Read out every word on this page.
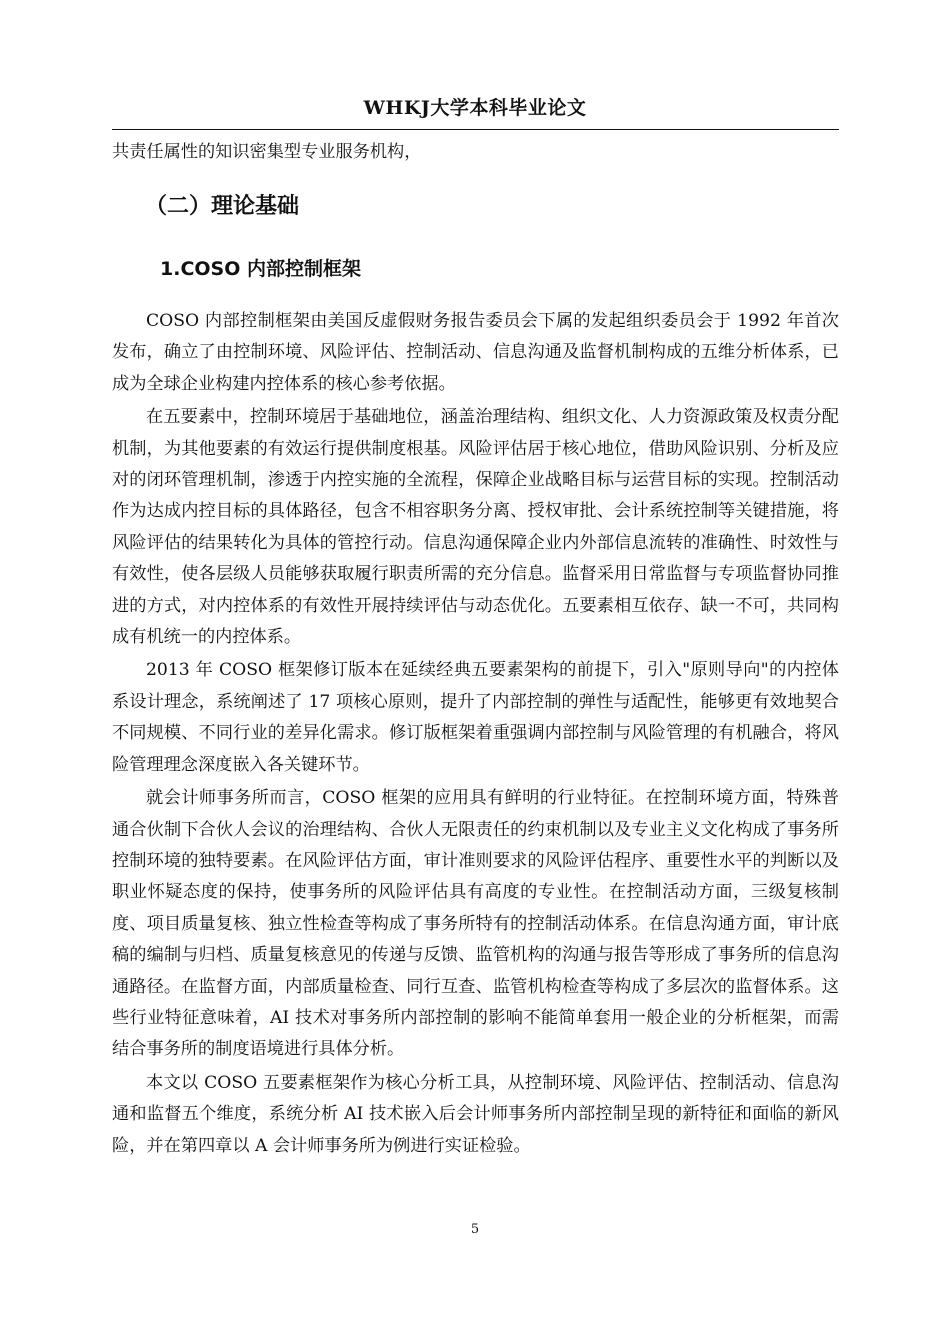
WHKJ大学本科毕业论文
共责任属性的知识密集型专业服务机构，
（二）理论基础
1.COSO 内部控制框架

COSO 内部控制框架由美国反虚假财务报告委员会下属的发起组织委员会于 1992 年首次发布，确立了由控制环境、风险评估、控制活动、信息沟通及监督机制构成的五维分析体系，已成为全球企业构建内控体系的核心参考依据。

在五要素中，控制环境居于基础地位，涵盖治理结构、组织文化、人力资源政策及权责分配机制，为其他要素的有效运行提供制度根基。风险评估居于核心地位，借助风险识别、分析及应对的闭环管理机制，渗透于内控实施的全流程，保障企业战略目标与运营目标的实现。控制活动作为达成内控目标的具体路径，包含不相容职务分离、授权审批、会计系统控制等关键措施，将风险评估的结果转化为具体的管控行动。信息沟通保障企业内外部信息流转的准确性、时效性与有效性，使各层级人员能够获取履行职责所需的充分信息。监督采用日常监督与专项监督协同推进的方式，对内控体系的有效性开展持续评估与动态优化。五要素相互依存、缺一不可，共同构成有机统一的内控体系。

2013 年 COSO 框架修订版本在延续经典五要素架构的前提下，引入"原则导向"的内控体系设计理念，系统阐述了 17 项核心原则，提升了内部控制的弹性与适配性，能够更有效地契合不同规模、不同行业的差异化需求。修订版框架着重强调内部控制与风险管理的有机融合，将风险管理理念深度嵌入各关键环节。

就会计师事务所而言，COSO 框架的应用具有鲜明的行业特征。在控制环境方面，特殊普通合伙制下合伙人会议的治理结构、合伙人无限责任的约束机制以及专业主义文化构成了事务所控制环境的独特要素。在风险评估方面，审计准则要求的风险评估程序、重要性水平的判断以及职业怀疑态度的保持，使事务所的风险评估具有高度的专业性。在控制活动方面，三级复核制度、项目质量复核、独立性检查等构成了事务所特有的控制活动体系。在信息沟通方面，审计底稿的编制与归档、质量复核意见的传递与反馈、监管机构的沟通与报告等形成了事务所的信息沟通路径。在监督方面，内部质量检查、同行互查、监管机构检查等构成了多层次的监督体系。这些行业特征意味着，AI 技术对事务所内部控制的影响不能简单套用一般企业的分析框架，而需结合事务所的制度语境进行具体分析。

本文以 COSO 五要素框架作为核心分析工具，从控制环境、风险评估、控制活动、信息沟通和监督五个维度，系统分析 AI 技术嵌入后会计师事务所内部控制呈现的新特征和面临的新风险，并在第四章以 A 会计师事务所为例进行实证检验。

5
